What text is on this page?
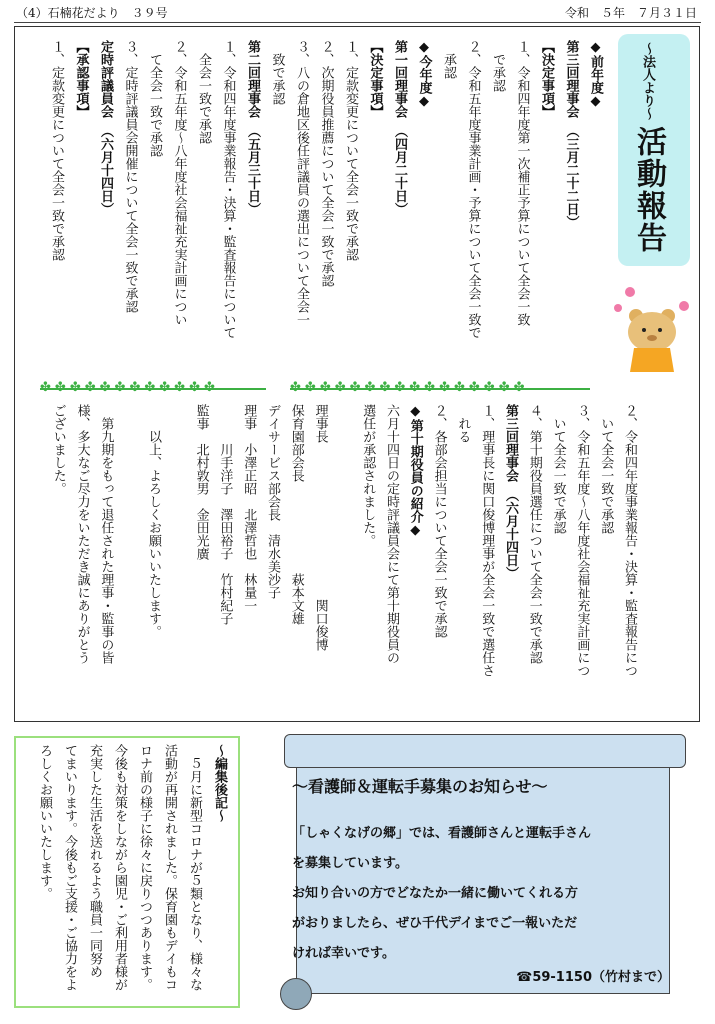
（4）石楠花だより　３９号	令和　５年　７月３１日
〜法人より〜
活動報告
◆前年度◆
第三回理事会　（三月二十二日）
【決定事項】
１、令和四年度第一次補正予算について全会一致
　で承認
２、令和五年度事業計画・予算について全会一致で
　承認
◆今年度◆
第一回理事会　（四月二十日）
【決定事項】
１、定款変更について全会一致で承認
２、次期役員推薦について全会一致で承認
３、八の倉地区後任評議員の選出について全会一
　致で承認
第二回理事会　（五月三十日）
１、令和四年度事業報告・決算・監査報告について
　全会一致で承認
２、令和五年度〜八年度社会福祉充実計画につい
　て全会一致で承認
３、定時評議員会開催について全会一致で承認
定時評議員会　（六月十四日）
【承認事項】
１、定款変更について全会一致で承認
２、令和四年度事業報告・決算・監査報告につ
　いて全会一致で承認
３、令和五年度〜八年度社会福祉充実計画につ
　いて全会一致で承認
４、第十期役員選任について全会一致で承認
第三回理事会　（六月十四日）
１、理事長に関口俊博理事が全会一致で選任さ
　れる
２、各部会担当について全会一致で承認
◆第十期役員の紹介◆
六月十四日の定時評議員会にて第十期役員の
選任が承認されました。
理事長　　　　　　　　　　　　関口俊博
保育園部会長　　　　　　　萩本文雄
デイサービス部会長　清水美沙子
理事　小澤正昭　北澤哲也　林量一
　　　川手洋子　澤田裕子　竹村紀子
監事　北村敦男　金田光廣
　　以上、よろしくお願いいたします。
　第九期をもって退任された理事・監事の皆
様、多大なご尽力をいただき誠にありがとう
ございました。
✤ ✤ ✤ ✤ ✤ ✤ ✤ ✤ ✤ ✤ ✤ ✤	✤ ✤ ✤ ✤ ✤ ✤ ✤ ✤ ✤ ✤ ✤ ✤ ✤ ✤ ✤ ✤
〜編集後記〜
　５月に新型コロナが５類となり、様々な
活動が再開されました。保育園もデイもコ
ロナ前の様子に徐々に戻りつつあります。
今後も対策をしながら園児・ご利用者様が
充実した生活を送れるよう職員一同努め
てまいります。今後もご支援・ご協力をよ
ろしくお願いいたします。	〜看護師＆運転手募集のお知らせ〜
「しゃくなげの郷」では、看護師さんと運転手さん
を募集しています。
お知り合いの方でどなたか一緒に働いてくれる方
がおりましたら、ぜひ千代デイまでご一報いただ
ければ幸いです。
☎59-1150（竹村まで）
